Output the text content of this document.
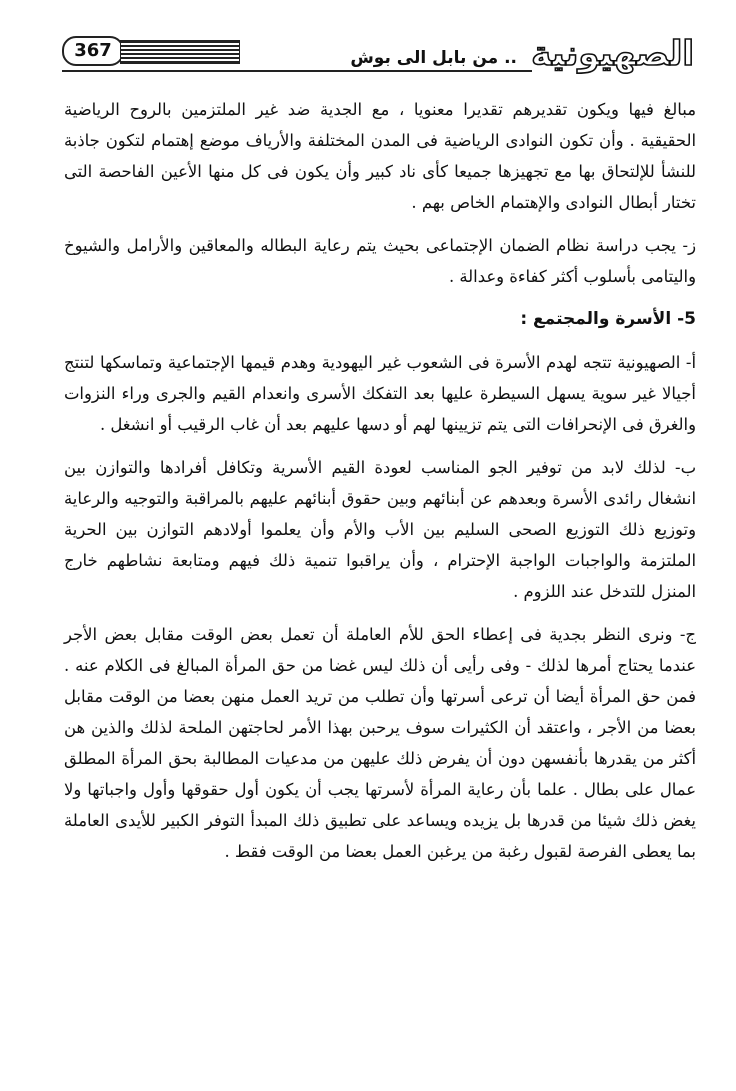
367	.. من بابل الى بوش الصهيونية

مبالغ فيها ويكون تقديرهم تقديرا معنويا ، مع الجدية ضد غير الملتزمين بالروح الرياضية الحقيقية . وأن تكون النوادى الرياضية فى المدن المختلفة والأرياف موضع إهتمام لتكون جاذبة للنشأ للإلتحاق بها مع تجهيزها جميعا كأى ناد كبير وأن يكون فى كل منها الأعين الفاحصة التى تختار أبطال النوادى والإهتمام الخاص بهم .

ز- يجب دراسة نظام الضمان الإجتماعى بحيث يتم رعاية البطاله والمعاقين والأرامل والشيوخ واليتامى بأسلوب أكثر كفاءة وعدالة .

5- الأسرة والمجتمع :

أ- الصهيونية تتجه لهدم الأسرة فى الشعوب غير اليهودية وهدم قيمها الإجتماعية وتماسكها لتنتج أجيالا غير سوية يسهل السيطرة عليها بعد التفكك الأسرى وانعدام القيم والجرى وراء النزوات والغرق فى الإنحرافات التى يتم تزيينها لهم أو دسها عليهم بعد أن غاب الرقيب أو انشغل .

ب- لذلك لابد من توفير الجو المناسب لعودة القيم الأسرية وتكافل أفرادها والتوازن بين انشغال رائدى الأسرة وبعدهم عن أبنائهم وبين حقوق أبنائهم عليهم بالمراقبة والتوجيه والرعاية وتوزيع ذلك التوزيع الصحى السليم بين الأب والأم وأن يعلموا أولادهم التوازن بين الحرية الملتزمة والواجبات الواجبة الإحترام ، وأن يراقبوا تنمية ذلك فيهم ومتابعة نشاطهم خارج المنزل للتدخل عند اللزوم .

ج- ونرى النظر بجدية فى إعطاء الحق للأم العاملة أن تعمل بعض الوقت مقابل بعض الأجر عندما يحتاج أمرها لذلك - وفى رأيى أن ذلك ليس غضا من حق المرأة المبالغ فى الكلام عنه . فمن حق المرأة أيضا أن ترعى أسرتها وأن تطلب من تريد العمل منهن بعضا من الوقت مقابل بعضا من الأجر ، واعتقد أن الكثيرات سوف يرحبن بهذا الأمر لحاجتهن الملحة لذلك والذين هن أكثر من يقدرها بأنفسهن دون أن يفرض ذلك عليهن من مدعيات المطالبة بحق المرأة المطلق عمال على بطال . علما بأن رعاية المرأة لأسرتها يجب أن يكون أول حقوقها وأول واجباتها ولا يغض ذلك شيئا من قدرها بل يزيده ويساعد على تطبيق ذلك المبدأ التوفر الكبير للأيدى العاملة بما يعطى الفرصة لقبول رغبة من يرغبن العمل بعضا من الوقت فقط .
